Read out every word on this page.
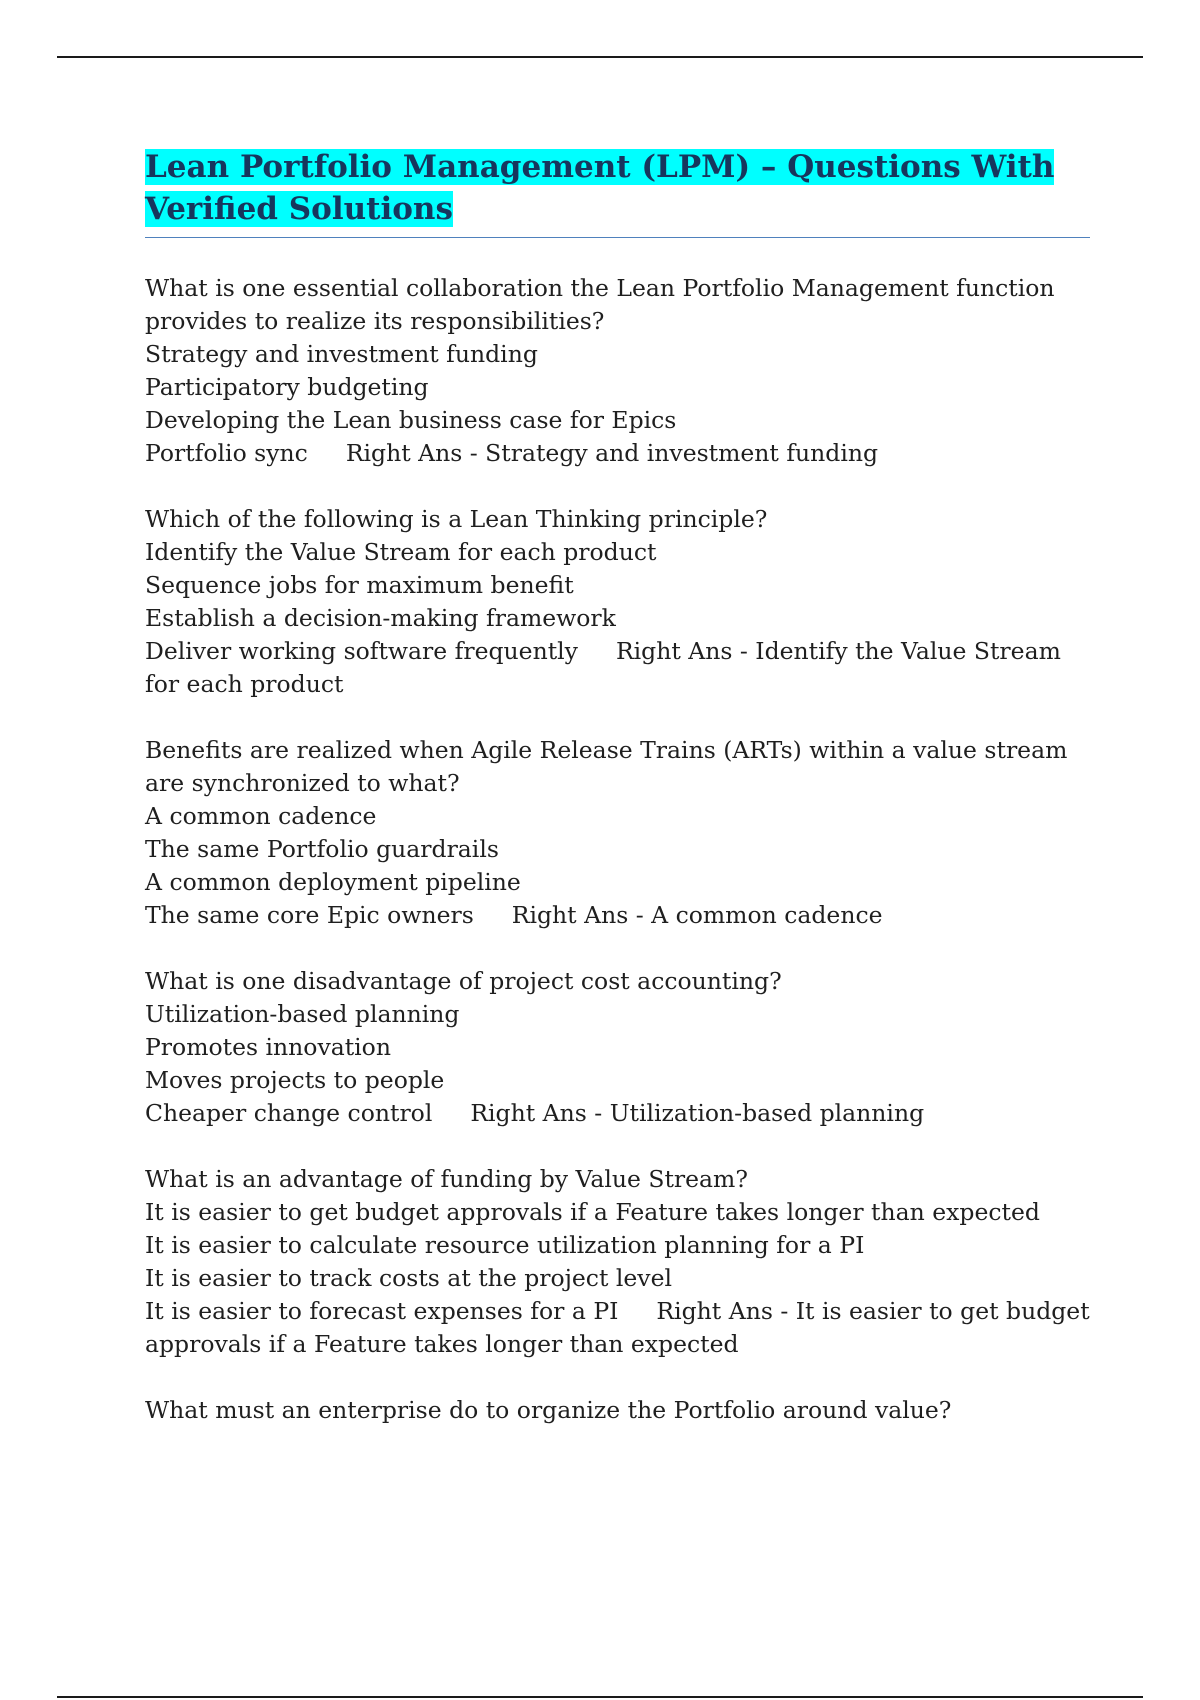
Lean Portfolio Management (LPM) – Questions With Verified Solutions
What is one essential collaboration the Lean Portfolio Management function provides to realize its responsibilities?
Strategy and investment funding
Participatory budgeting
Developing the Lean business case for Epics
Portfolio sync Right Ans - Strategy and investment funding
Which of the following is a Lean Thinking principle?
Identify the Value Stream for each product
Sequence jobs for maximum benefit
Establish a decision-making framework
Deliver working software frequently Right Ans - Identify the Value Stream for each product
Benefits are realized when Agile Release Trains (ARTs) within a value stream are synchronized to what?
A common cadence
The same Portfolio guardrails
A common deployment pipeline
The same core Epic owners Right Ans - A common cadence
What is one disadvantage of project cost accounting?
Utilization-based planning
Promotes innovation
Moves projects to people
Cheaper change control Right Ans - Utilization-based planning
What is an advantage of funding by Value Stream?
It is easier to get budget approvals if a Feature takes longer than expected
It is easier to calculate resource utilization planning for a PI
It is easier to track costs at the project level
It is easier to forecast expenses for a PI Right Ans - It is easier to get budget approvals if a Feature takes longer than expected
What must an enterprise do to organize the Portfolio around value?
